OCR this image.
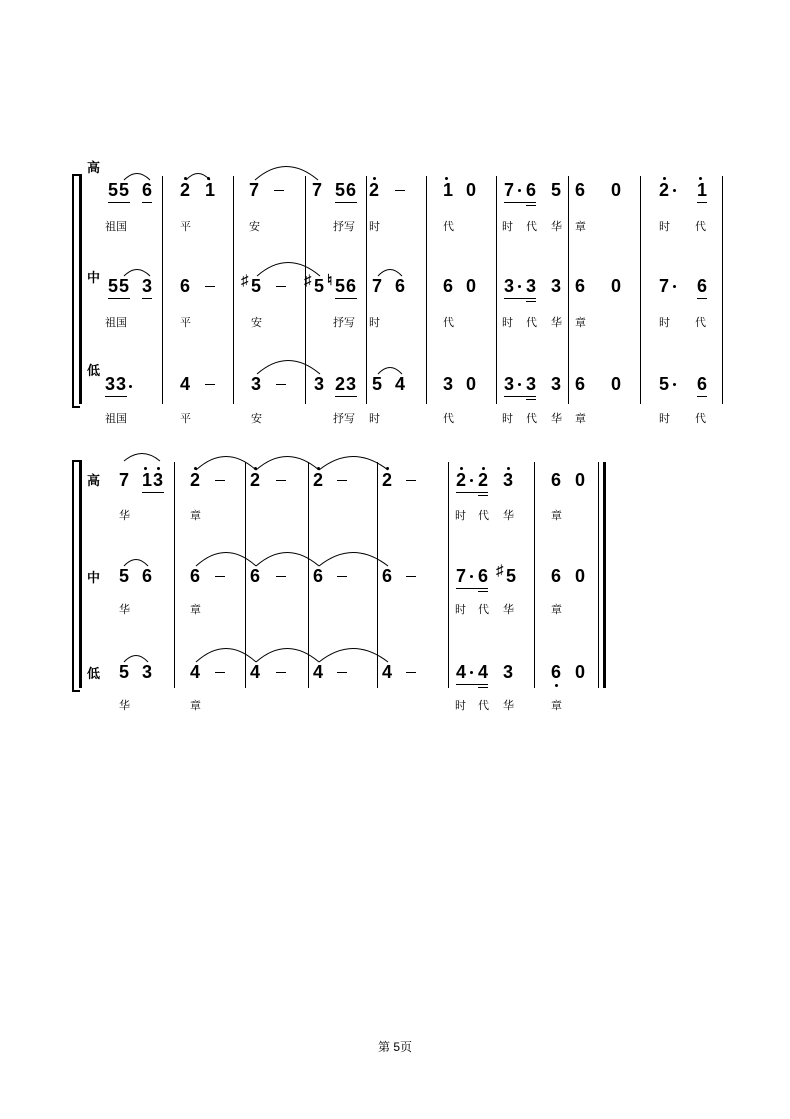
高
中
低
5 5 6 2 1 7	7 5 6 2	1 0 7 6 5 6 0 2 1
祖国	平	安	抒写 时	代	时 代 华 章	时 代
5 5 3 6	♯ 5	♯ 5 ♮ 5 6 7 6 6 0 3 3 3 6 0 7 6
祖国	平	安	抒写 时	代	时 代 华 章	时 代
3 3	4	3	3 2 3 5 4 3 0 3 3 3 6 0 5 6
祖国	平	安	抒写 时	代	时 代 华 章	时 代
高
中
低
7 1 3 2	2	2	2	2 2 3 6 0
华	章	时 代 华	章
5 6 6	6	6	6	7 6 ♯ 5 6 0
华	章	时 代 华	章
5 3 4	4	4	4	4 4 3 6 0
华	章	时 代 华	章
第 5页
